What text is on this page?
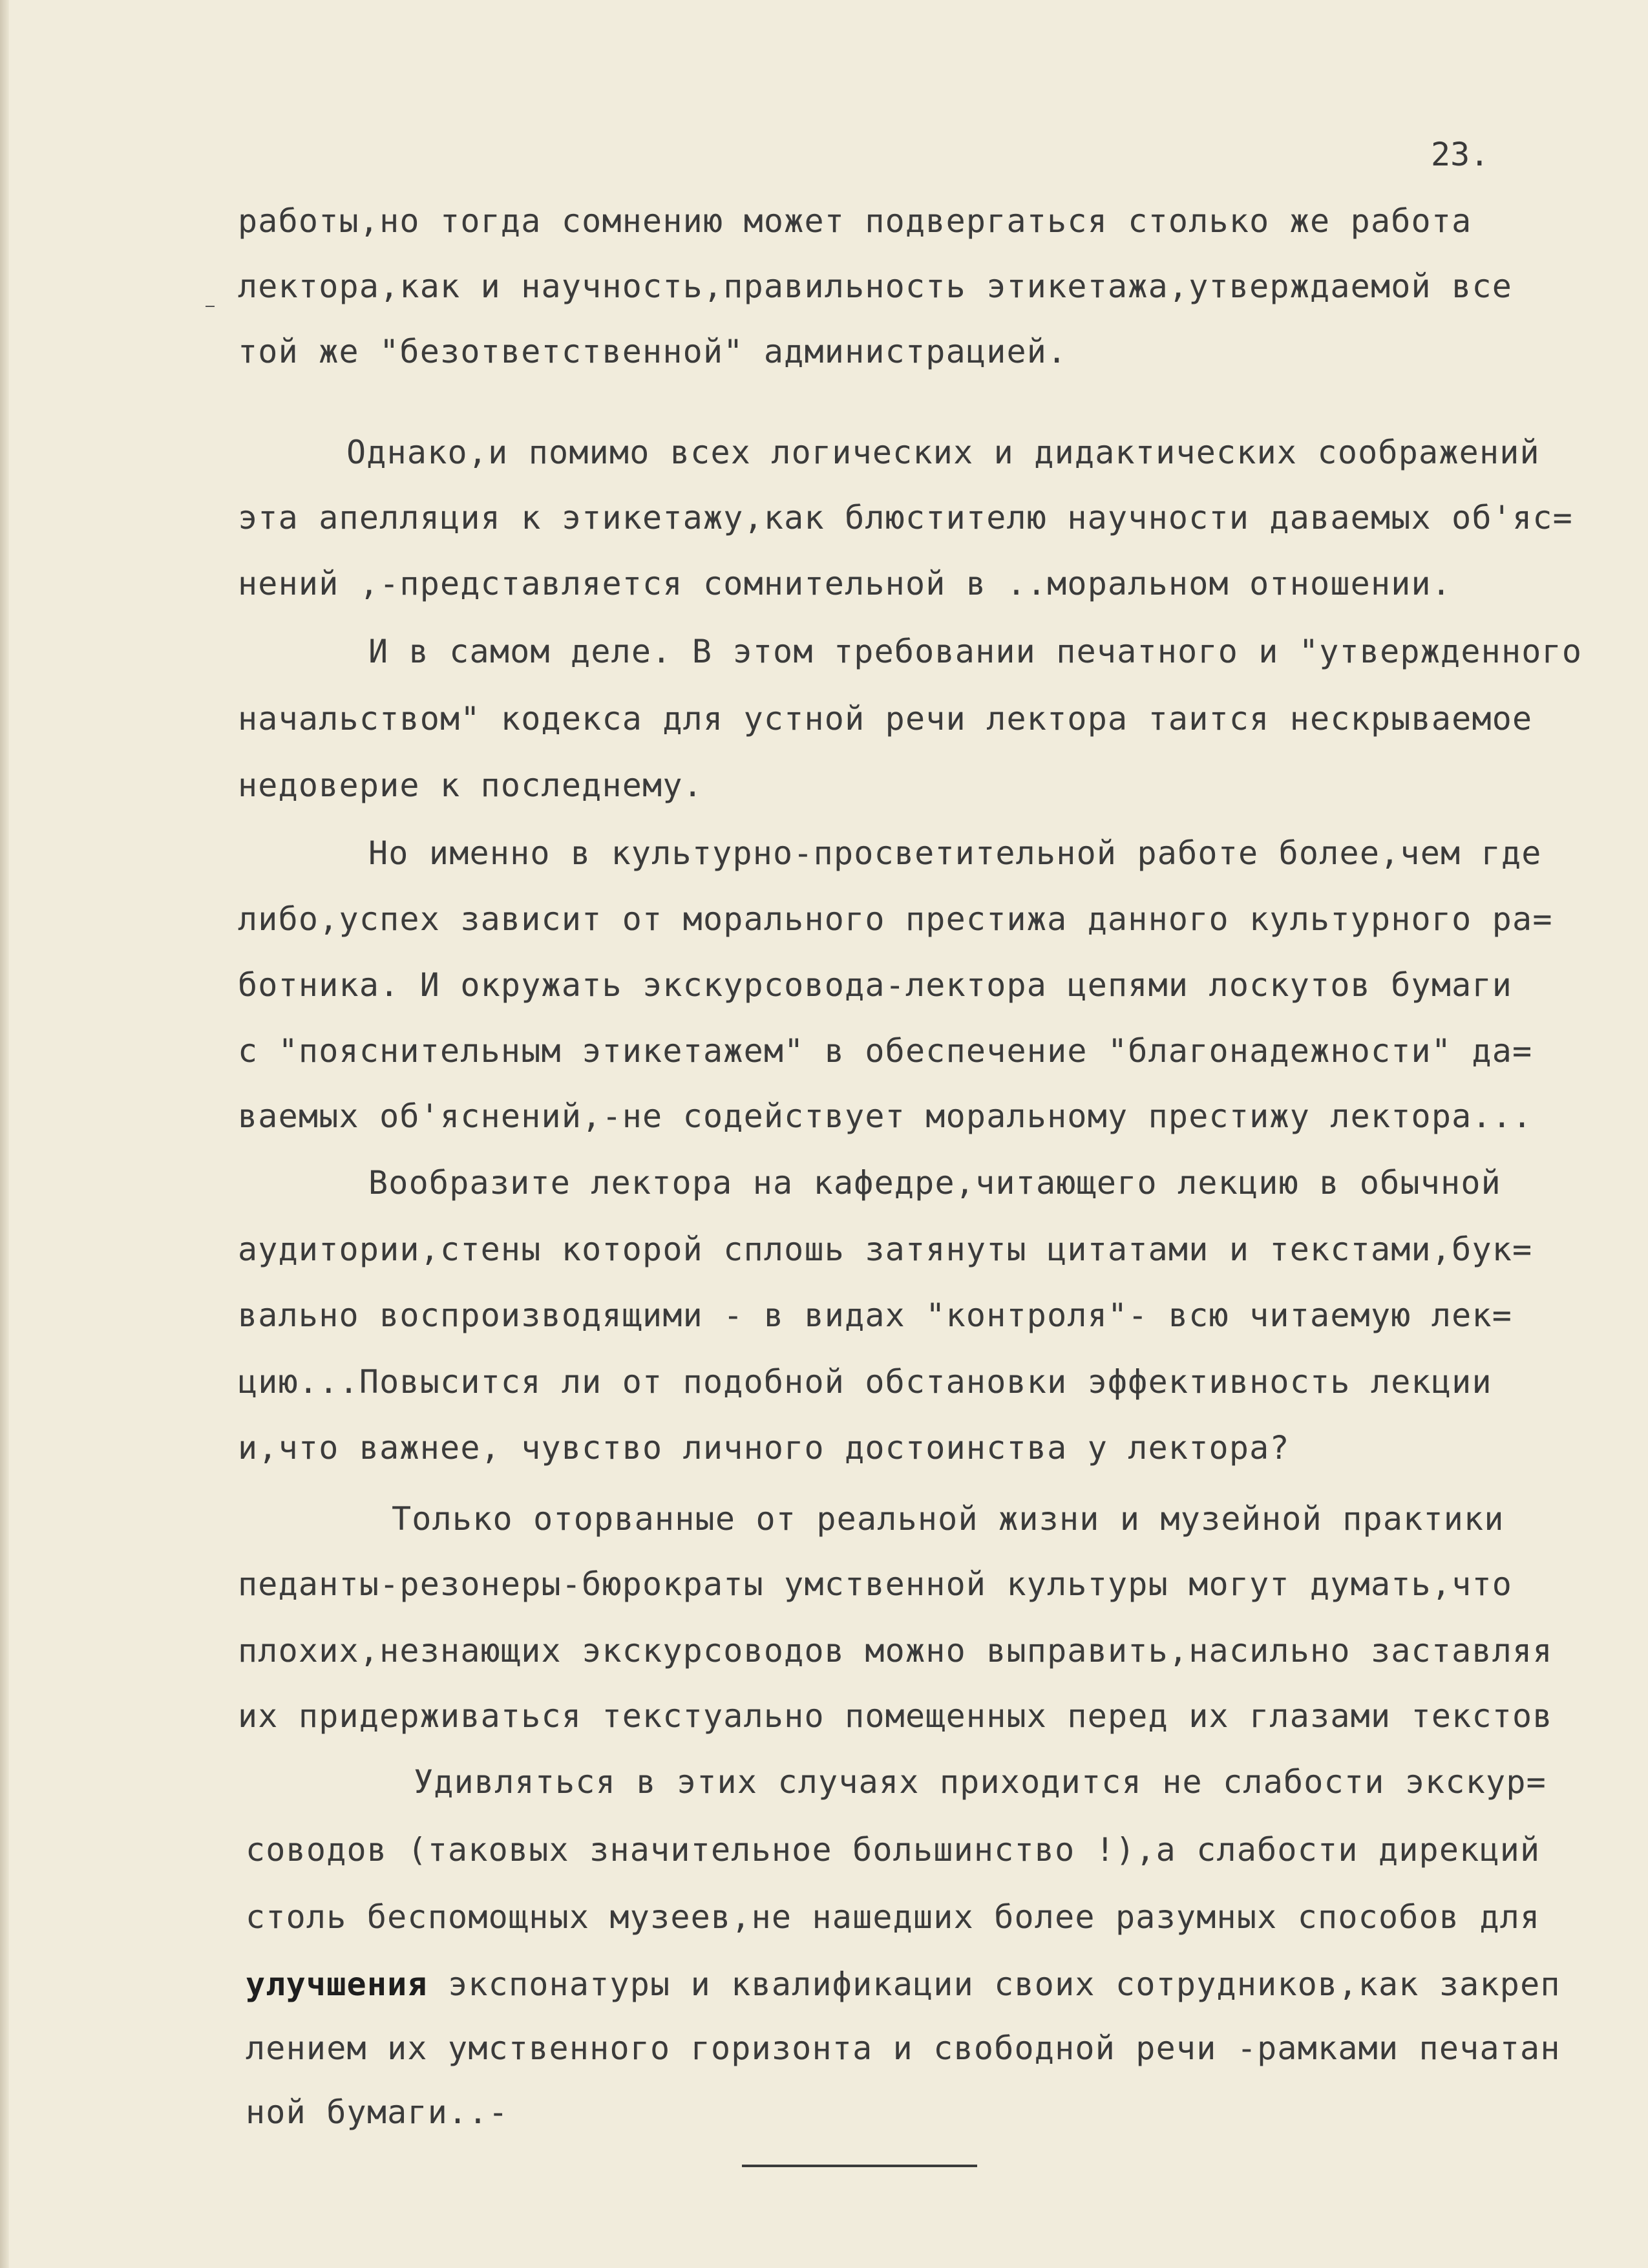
23.
работы,но тогда сомнению может подвергаться столько же работа
лектора,как и научность,правильность этикетажа,утверждаемой все
той же "безответственной" администрацией.
Однако,и помимо всех логических и дидактических соображений
эта апелляция к этикетажу,как блюстителю научности даваемых об'яс=
нений ,-представляется сомнительной в ..моральном отношении.
И в самом деле. В этом требовании печатного и "утвержденного
начальством" кодекса для устной речи лектора таится нескрываемое
недоверие к последнему.
Но именно в культурно-просветительной работе более,чем где
либо,успех зависит от морального престижа данного культурного ра=
ботника. И окружать экскурсовода-лектора цепями лоскутов бумаги
с "пояснительным этикетажем" в обеспечение "благонадежности" да=
ваемых об'яснений,-не содействует моральному престижу лектора...
Вообразите лектора на кафедре,читающего лекцию в обычной
аудитории,стены которой сплошь затянуты цитатами и текстами,бук=
вально воспроизводящими - в видах "контроля"- всю читаемую лек=
цию...Повысится ли от подобной обстановки эффективность лекции
и,что важнее, чувство личного достоинства у лектора?
Только оторванные от реальной жизни и музейной практики
педанты-резонеры-бюрократы умственной культуры могут думать,что
плохих,незнающих экскурсоводов можно выправить,насильно заставляя
их придерживаться текстуально помещенных перед их глазами текстов
Удивляться в этих случаях приходится не слабости экскур=
соводов (таковых значительное большинство !),а слабости дирекций
столь беспомощных музеев,не нашедших более разумных способов для
улучшения экспонатуры и квалификации своих сотрудников,как закреп
лением их умственного горизонта и свободной речи -рамками печатан
ной бумаги..-
